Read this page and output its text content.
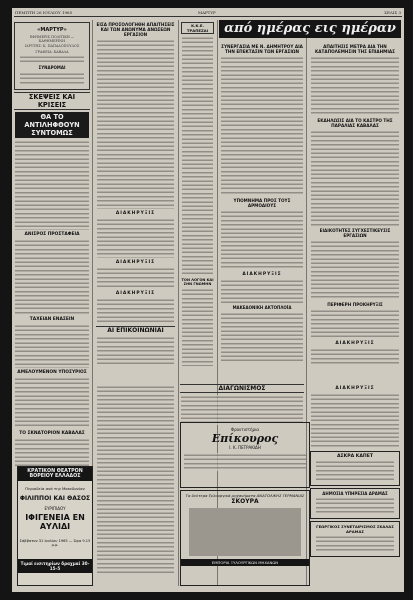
ΠΕΜΠΤΗ 26 ΙΟΥΛΙΟΥ 1965	ΜΑΡΤΥΡ	ΣΕΛΙΣ 3
«ΜΑΡΤΥΡ»
ΕΦΗΜΕΡΙΣ ΠΟΛΙΤΙΚΗ — ΚΑΘΗΜΕΡΙΝΗ
ΙΔΡΥΤΗΣ: Κ. ΠΑΠΑΔΟΠΟΥΛΟΣ
ΓΡΑΦΕΙΑ: ΚΑΒΑΛΑ
ΣΥΝΔΡΟΜΑΙ
ΣΚΕΨΕΙΣ ΚΑΙ ΚΡΙΣΕΙΣ
ΘΑ ΤΟ ΑΝΤΙΛΗΦΘΟΥΝ ΣΥΝΤΟΜΩΣ
ΑΝΙΣΡΟΣ ΠΡΟΣΤΑΦΕΙΑ
ΤΑΧΕΙΑΝ ΕΝΑΣΕΙΝ
ΑΜΕΛΟΥΜΕΝΟΝ ΥΠΟΣΥΡΙΟΣ
ΤΟ ΣΚΝΑΤΟΡΙΟΝ ΚΑΒΑΛΑΣ
ΕΙΣΑ ΠΡΟΣΟΛΟΓΗΘΗ ΑΠΑΙΤΗΣΕΙΣ ΚΑΙ ΤΩΝ ΑΝΩΝΥΜΑ ΑΝΩΣΕΩΝ ΕΡΓΑΣΙΟΝ
ΔΙΑΚΗΡΥΞΙΣ
ΔΙΑΚΗΡΥΞΙΣ
ΔΙΑΚΗΡΥΞΙΣ
ΑΙ ΕΠΙΚΟΙΝΩΝΙΑΙ
Κ.Κ.Ε. ΤΡΑΠΕΖΑΙ
ΤΟΝ ΛΟΓΟΝ ΚΑΙ ΣΗΝ ΓΝΩΜΗΝ
από ημέρας εις ημέραν
ΣΥΝΕΡΓΑΣΙΑ ΜΕ Ν. ΔΗΜΗΤΡΟΥ ΔΙΑ ΤΗΝ ΕΠΕΚΤΑΣΙΝ ΤΩΝ ΕΡΓΑΣΙΩΝ
ΥΠΟΜΝΗΜΑ ΠΡΟΣ ΤΟΥΣ ΑΡΜΟΔΙΟΥΣ
ΔΙΑΚΗΡΥΞΙΣ
ΜΑΚΕΔΟΝΙΚΗ ΑΚΤΟΠΛΟΪΑ
ΑΠΑΙΤΗΣΙΣ ΜΕΤΡΑ ΔΙΑ ΤΗΝ ΚΑΤΑΠΟΛΕΜΗΣΙΝ ΤΗΣ ΕΠΙΔΗΜΙΑΣ
ΕΚΔΗΛΩΣΙΣ ΔΙΑ ΤΟ ΚΑΣΤΡΟ ΤΗΣ ΠΑΡΑΛΙΑΣ ΚΑΒΑΛΑΣ
ΕΙΔΙΚΟΤΗΤΕΣ ΣΥΓΧΕΣΤΙΚΕΥΣΙΣ ΕΡΓΑΣΙΩΝ
ΠΕΡΙΦΕΡΗ ΠΡΟΚΗΡΥΞΙΣ
ΔΙΑΚΗΡΥΞΙΣ
ΚΡΑΤΙΚΟΝ ΘΕΑΤΡΟΝ ΒΟΡΕΙΟΥ ΕΛΛΑΔΟΣ
Περιοδεία ανά την Μακεδονίαν
ΦΙΛΙΠΠΟΙ ΚΑΙ ΘΑΣΟΣ
ΕΥΡΙΠΙΔΟΥ
ΙΦΙΓΕΝΕΙΑ ΕΝ ΑΥΛΙΔΙ
Σάββατον 31 Ιουλίου 1965 — Ώρα 9.15 μ.μ.
Τιμαί εισιτηρίων δραχμαί 30-15-5
ΔΙΑΓΩΝΙΣΜΟΣ
Φροντιστήρια
Επίκουρος
Ι. Κ. ΠΕΤΡΑΚΙΔΗ
Τα δεύτερα ξυλουργικά μηχανήματα ΑΝΑΤΟΛΙΚΗΣ ΓΕΡΜΑΝΙΑΣ
ΣΚΟΥΡΑ
ΕΜΠΟΡΙΑ ΞΥΛΟΥΡΓΙΚΩΝ ΜΗΧΑΝΩΝ
ΔΙΑΚΗΡΥΞΙΣ
ΑΣΚΡΑ ΚΑΠΕΤ
ΔΗΜΟΣΙΑ ΥΠΗΡΕΣΙΑ ΔΡΑΜΑΣ
ΓΕΩΡΓΙΚΟΣ ΣΥΝΕΤΑΙΡΙΣΜΟΣ ΣΚΑΛΑΣ ΔΡΑΜΑΣ
